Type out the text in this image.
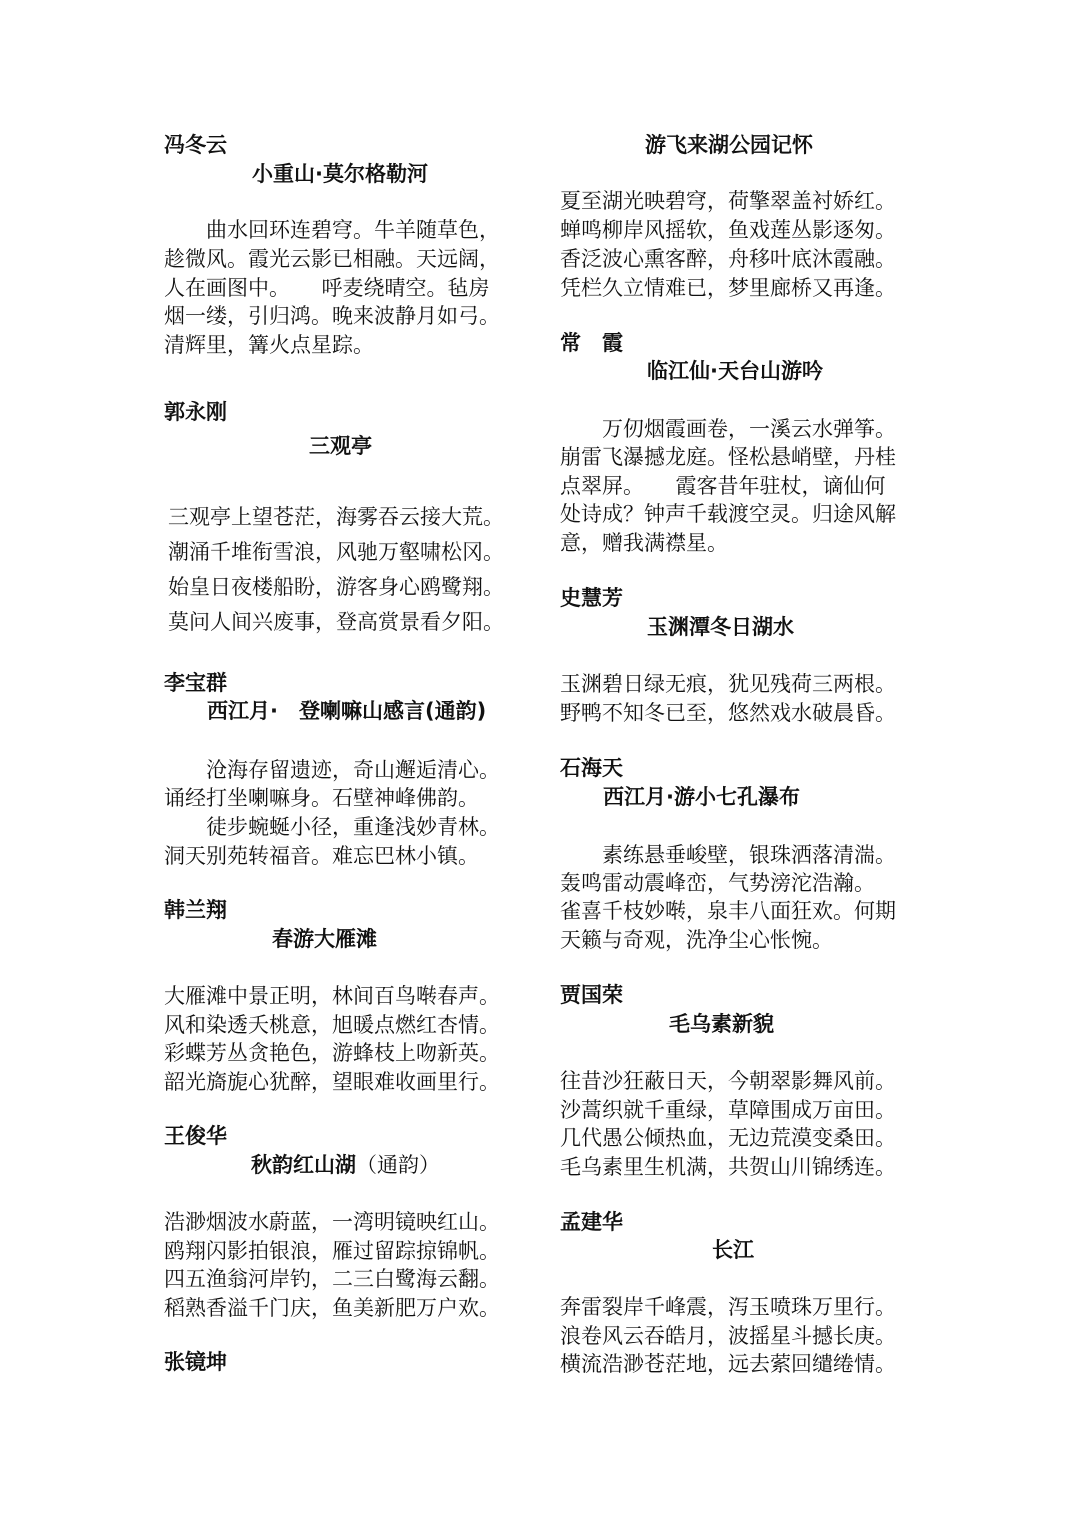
冯冬云
小重山·莫尔格勒河
　　曲水回环连碧穹。牛羊随草色，
趁微风。霞光云影已相融。天远阔，
人在画图中。　　呼麦绕晴空。毡房
烟一缕，引归鸿。晚来波静月如弓。
清辉里，篝火点星踪。
郭永刚
三观亭
三观亭上望苍茫，海雾吞云接大荒。
潮涌千堆衔雪浪，风驰万壑啸松冈。
始皇日夜楼船盼，游客身心鸥鹭翔。
莫问人间兴废事，登高赏景看夕阳。
李宝群
西江月·　登喇嘛山感言(通韵)
　　沧海存留遗迹，奇山邂逅清心。
诵经打坐喇嘛身。石壁神峰佛韵。
　　徒步蜿蜒小径，重逢浅妙青林。
洞天别苑转福音。难忘巴林小镇。
韩兰翔
春游大雁滩
大雁滩中景正明，林间百鸟啭春声。
风和染透夭桃意，旭暖点燃红杏情。
彩蝶芳丛贪艳色，游蜂枝上吻新英。
韶光旖旎心犹醉，望眼难收画里行。
王俊华
秋韵红山湖（通韵）
浩渺烟波水蔚蓝，一湾明镜映红山。
鸥翔闪影拍银浪，雁过留踪掠锦帆。
四五渔翁河岸钓，二三白鹭海云翻。
稻熟香溢千门庆，鱼美新肥万户欢。
张镜坤
游飞来湖公园记怀
夏至湖光映碧穹，荷擎翠盖衬娇红。
蝉鸣柳岸风摇软，鱼戏莲丛影逐匆。
香泛波心熏客醉，舟移叶底沐霞融。
凭栏久立情难已，梦里廊桥又再逢。
常　霞
临江仙·天台山游吟
　　万仞烟霞画卷，一溪云水弹筝。
崩雷飞瀑撼龙庭。怪松悬峭壁，丹桂
点翠屏。　　霞客昔年驻杖，谪仙何
处诗成？钟声千载渡空灵。归途风解
意，赠我满襟星。
史慧芳
玉渊潭冬日湖水
玉渊碧日绿无痕，犹见残荷三两根。
野鸭不知冬已至，悠然戏水破晨昏。
石海天
西江月·游小七孔瀑布
　　素练悬垂峻壁，银珠洒落清湍。
轰鸣雷动震峰峦，气势滂沱浩瀚。
雀喜千枝妙啭，泉丰八面狂欢。何期
天籁与奇观，洗净尘心怅惋。
贾国荣
毛乌素新貌
往昔沙狂蔽日天，今朝翠影舞风前。
沙蒿织就千重绿，草障围成万亩田。
几代愚公倾热血，无边荒漠变桑田。
毛乌素里生机满，共贺山川锦绣连。
孟建华
长江
奔雷裂岸千峰震，泻玉喷珠万里行。
浪卷风云吞皓月，波摇星斗撼长庚。
横流浩渺苍茫地，远去萦回缱绻情。
